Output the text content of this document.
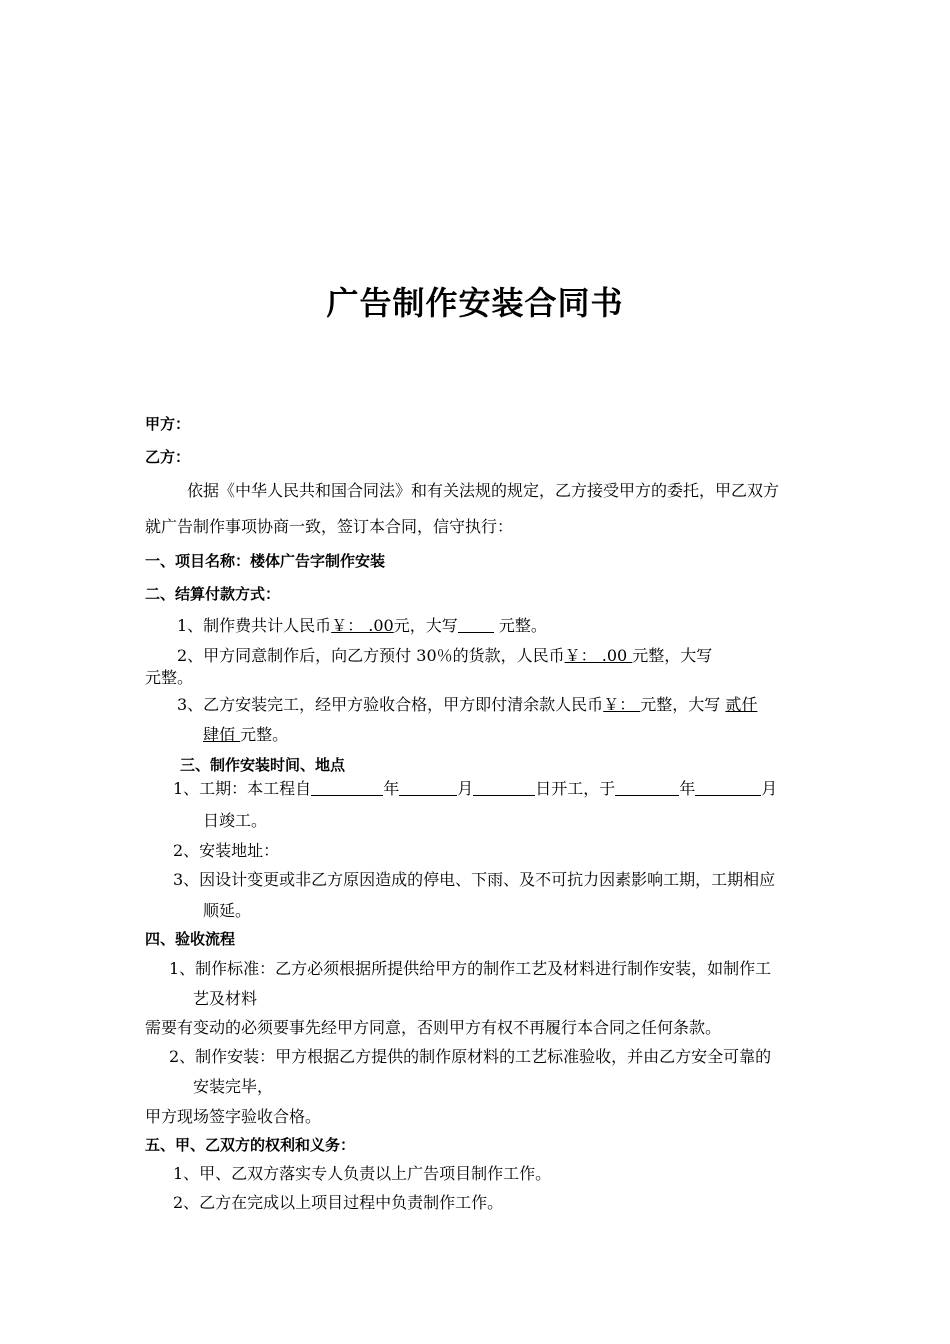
广告制作安装合同书
甲方：
乙方：
依据《中华人民共和国合同法》和有关法规的规定，乙方接受甲方的委托，甲乙双方
就广告制作事项协商一致，签订本合同，信守执行：
一、项目名称：楼体广告字制作安装
二、结算付款方式：
1、制作费共计人民币￥： .00元，大写 元整。
2、甲方同意制作后，向乙方预付 30％的货款，人民币￥： .00 元整，大写
元整。
3、乙方安装完工，经甲方验收合格，甲方即付清余款人民币￥： 元整，大写 贰仟
肆佰 元整。
三、制作安装时间、地点
1、工期：本工程自	年	月	日开工，于	年	月
日竣工。
2、安装地址：
3、因设计变更或非乙方原因造成的停电、下雨、及不可抗力因素影响工期，工期相应
顺延。
四、验收流程
1、制作标准：乙方必须根据所提供给甲方的制作工艺及材料进行制作安装，如制作工
艺及材料
需要有变动的必须要事先经甲方同意，否则甲方有权不再履行本合同之任何条款。
2、制作安装：甲方根据乙方提供的制作原材料的工艺标准验收，并由乙方安全可靠的
安装完毕，
甲方现场签字验收合格。
五、甲、乙双方的权利和义务：
1、甲、乙双方落实专人负责以上广告项目制作工作。
2、乙方在完成以上项目过程中负责制作工作。
